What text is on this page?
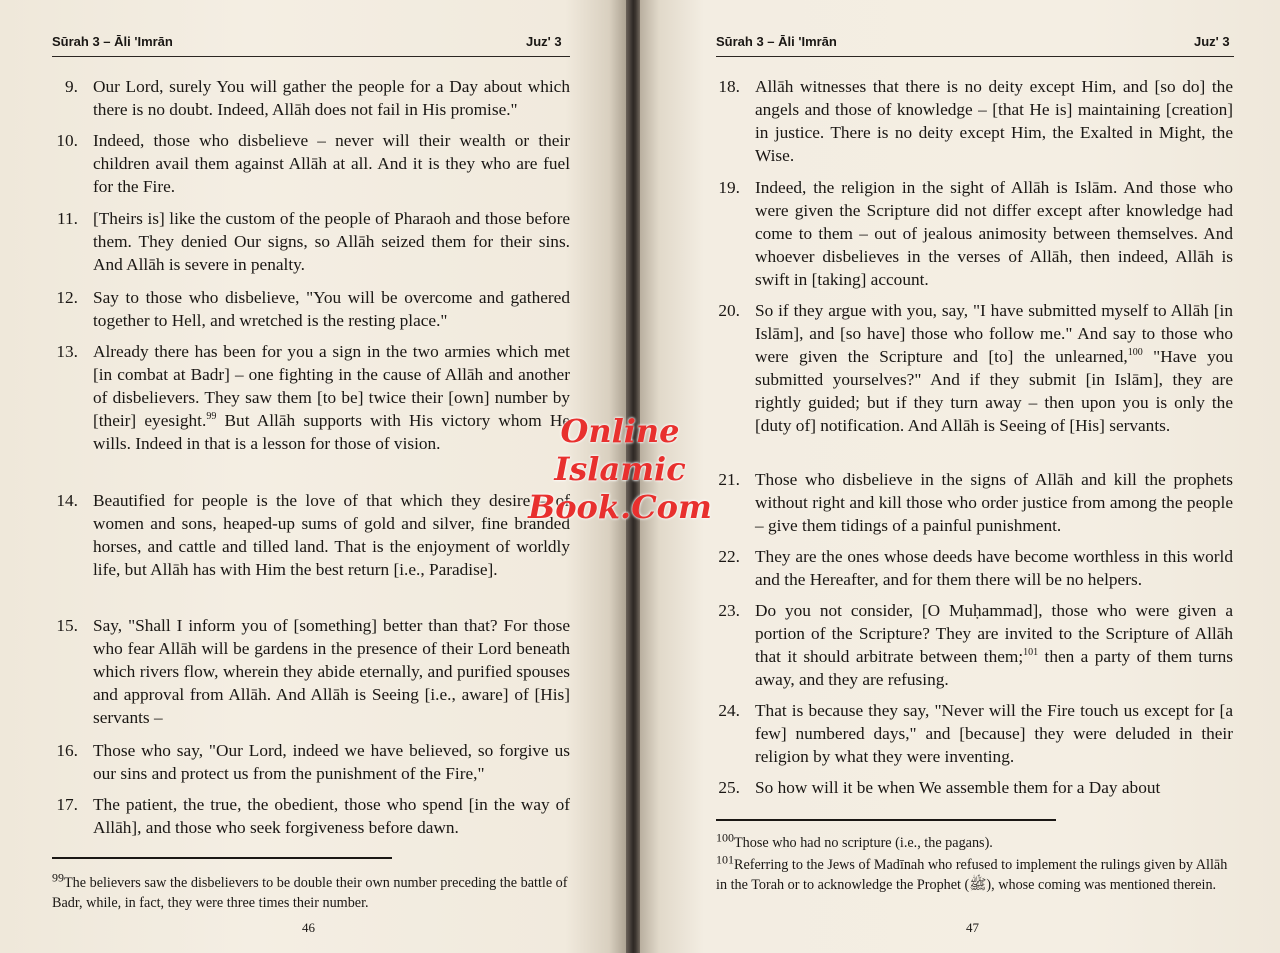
Sūrah 3 – Āli 'Imrān	Juz' 3
9. Our Lord, surely You will gather the people for a Day about which there is no doubt. Indeed, Allāh does not fail in His promise."
10. Indeed, those who disbelieve – never will their wealth or their children avail them against Allāh at all. And it is they who are fuel for the Fire.
11. [Theirs is] like the custom of the people of Pharaoh and those before them. They denied Our signs, so Allāh seized them for their sins. And Allāh is severe in penalty.
12. Say to those who disbelieve, "You will be overcome and gathered together to Hell, and wretched is the resting place."
13. Already there has been for you a sign in the two armies which met [in combat at Badr] – one fighting in the cause of Allāh and another of disbelievers. They saw them [to be] twice their [own] number by [their] eyesight.$^{99}$ But Allāh supports with His victory whom He wills. Indeed in that is a lesson for those of vision.
14. Beautified for people is the love of that which they desire – of women and sons, heaped-up sums of gold and silver, fine branded horses, and cattle and tilled land. That is the enjoyment of worldly life, but Allāh has with Him the best return [i.e., Paradise].
15. Say, "Shall I inform you of [something] better than that? For those who fear Allāh will be gardens in the presence of their Lord beneath which rivers flow, wherein they abide eternally, and purified spouses and approval from Allāh. And Allāh is Seeing [i.e., aware] of [His] servants –
16. Those who say, "Our Lord, indeed we have believed, so forgive us our sins and protect us from the punishment of the Fire,"
17. The patient, the true, the obedient, those who spend [in the way of Allāh], and those who seek forgiveness before dawn.
$^{99}$The believers saw the disbelievers to be double their own number preceding the battle of Badr, while, in fact, they were three times their number.
46
Sūrah 3 – Āli 'Imrān	Juz' 3
18. Allāh witnesses that there is no deity except Him, and [so do] the angels and those of knowledge – [that He is] maintaining [creation] in justice. There is no deity except Him, the Exalted in Might, the Wise.
19. Indeed, the religion in the sight of Allāh is Islām. And those who were given the Scripture did not differ except after knowledge had come to them – out of jealous animosity between themselves. And whoever disbelieves in the verses of Allāh, then indeed, Allāh is swift in [taking] account.
20. So if they argue with you, say, "I have submitted myself to Allāh [in Islām], and [so have] those who follow me." And say to those who were given the Scripture and [to] the unlearned,$^{100}$ "Have you submitted yourselves?" And if they submit [in Islām], they are rightly guided; but if they turn away – then upon you is only the [duty of] notification. And Allāh is Seeing of [His] servants.
21. Those who disbelieve in the signs of Allāh and kill the prophets without right and kill those who order justice from among the people – give them tidings of a painful punishment.
22. They are the ones whose deeds have become worthless in this world and the Hereafter, and for them there will be no helpers.
23. Do you not consider, [O Muḥammad], those who were given a portion of the Scripture? They are invited to the Scripture of Allāh that it should arbitrate between them;$^{101}$ then a party of them turns away, and they are refusing.
24. That is because they say, "Never will the Fire touch us except for [a few] numbered days," and [because] they were deluded in their religion by what they were inventing.
25. So how will it be when We assemble them for a Day about
$^{100}$Those who had no scripture (i.e., the pagans).
$^{101}$Referring to the Jews of Madīnah who refused to implement the rulings given by Allāh in the Torah or to acknowledge the Prophet (ﷺ), whose coming was mentioned therein.
47
Online Islamic
Book.Com
